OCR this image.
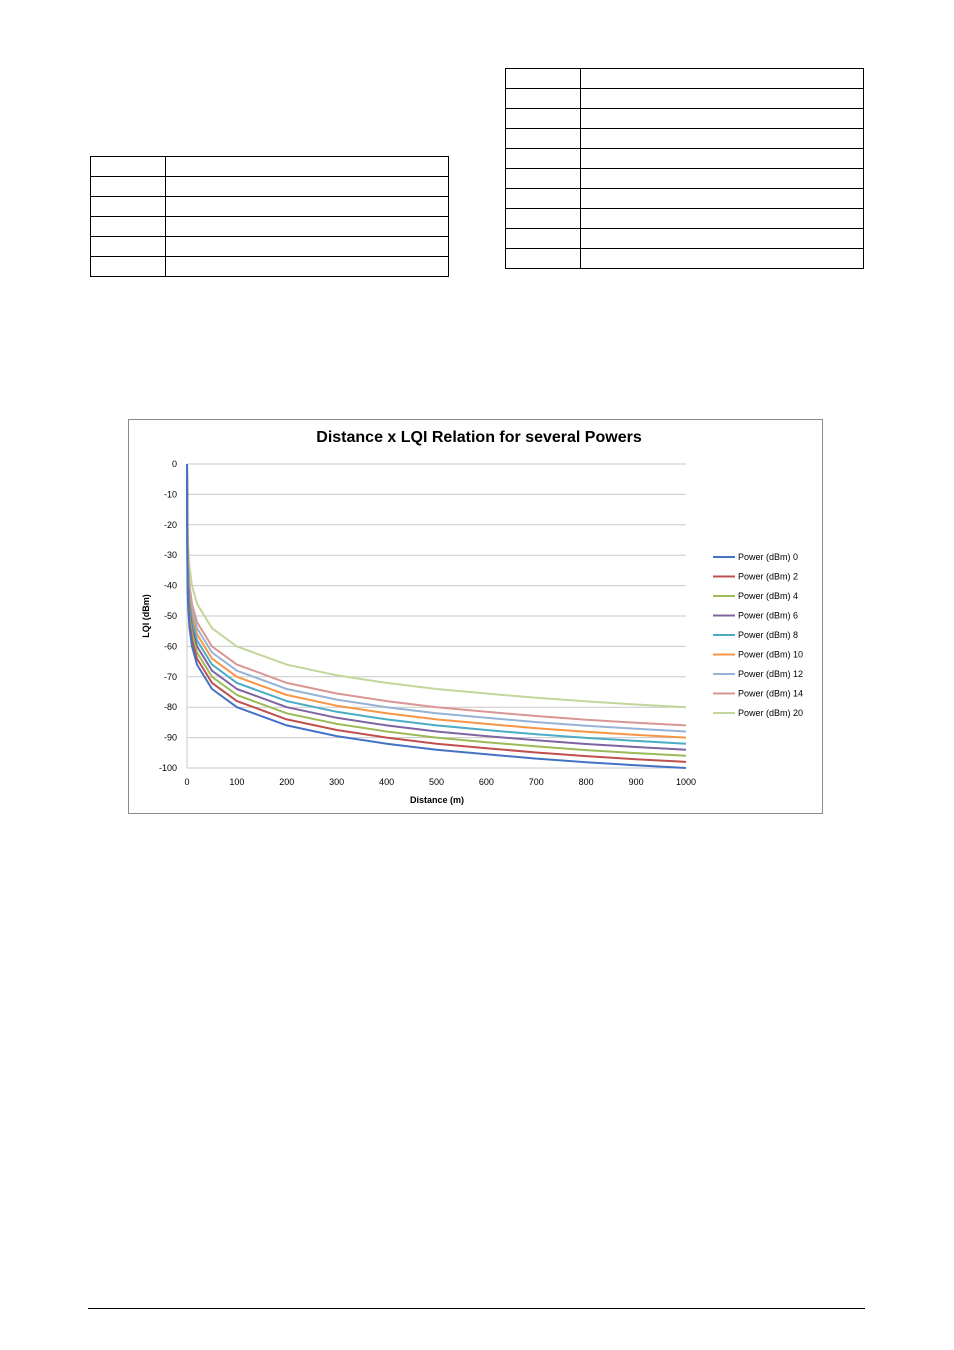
0
-10
-20
-30
-40
-50
-60
-70
-80
-90
-100
0	100	200	300	400	500	600	700	800	900	1000
Power (dBm) 0
Power (dBm) 2
Power (dBm) 4
Power (dBm) 6
Power (dBm) 8
Power (dBm) 10
Power (dBm) 12
Power (dBm) 14
Power (dBm) 20
Distance x LQI Relation for several Powers
Distance (m)
LQI (dBm)
